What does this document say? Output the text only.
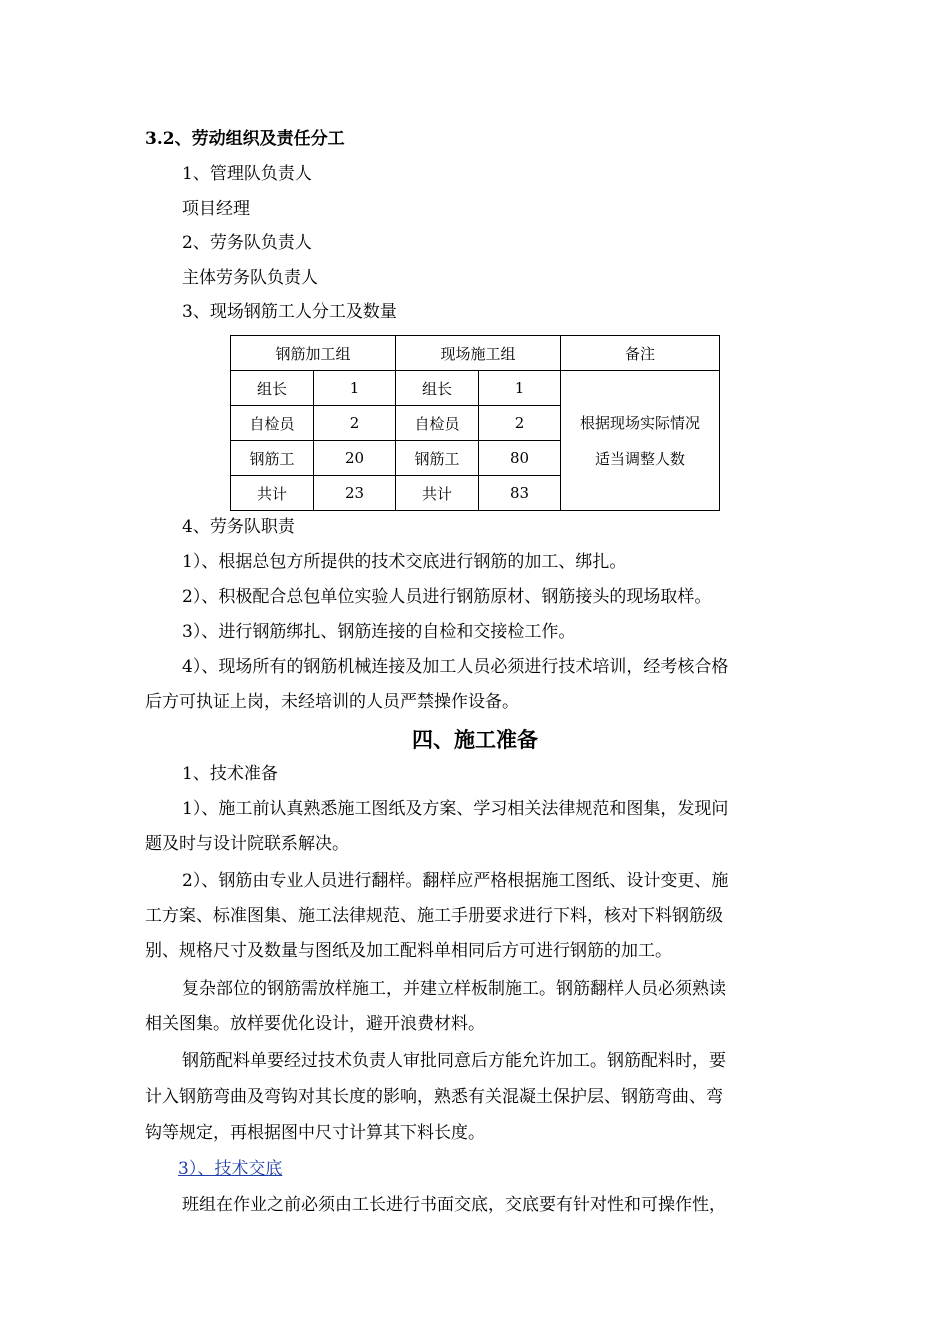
3.2、劳动组织及责任分工
1、管理队负责人
项目经理
2、劳务队负责人
主体劳务队负责人
3、现场钢筋工人分工及数量
钢筋加工组		现场施工组		备注
组长	1	组长	1	根据现场实际情况
适当调整人数

自检员	2	自检员	2	
钢筋工	20	钢筋工	80	
共计	23	共计	83	
4、劳务队职责
1）、根据总包方所提供的技术交底进行钢筋的加工、绑扎。
2）、积极配合总包单位实验人员进行钢筋原材、钢筋接头的现场取样。
3）、进行钢筋绑扎、钢筋连接的自检和交接检工作。
4）、现场所有的钢筋机械连接及加工人员必须进行技术培训，经考核合格
后方可执证上岗，未经培训的人员严禁操作设备。
四、施工准备
1、技术准备
1）、施工前认真熟悉施工图纸及方案、学习相关法律规范和图集，发现问
题及时与设计院联系解决。
2）、钢筋由专业人员进行翻样。翻样应严格根据施工图纸、设计变更、施
工方案、标准图集、施工法律规范、施工手册要求进行下料，核对下料钢筋级
别、规格尺寸及数量与图纸及加工配料单相同后方可进行钢筋的加工。
复杂部位的钢筋需放样施工，并建立样板制施工。钢筋翻样人员必须熟读
相关图集。放样要优化设计，避开浪费材料。
钢筋配料单要经过技术负责人审批同意后方能允许加工。钢筋配料时，要
计入钢筋弯曲及弯钩对其长度的影响，熟悉有关混凝土保护层、钢筋弯曲、弯
钩等规定，再根据图中尺寸计算其下料长度。
3）、技术交底
班组在作业之前必须由工长进行书面交底，交底要有针对性和可操作性，
